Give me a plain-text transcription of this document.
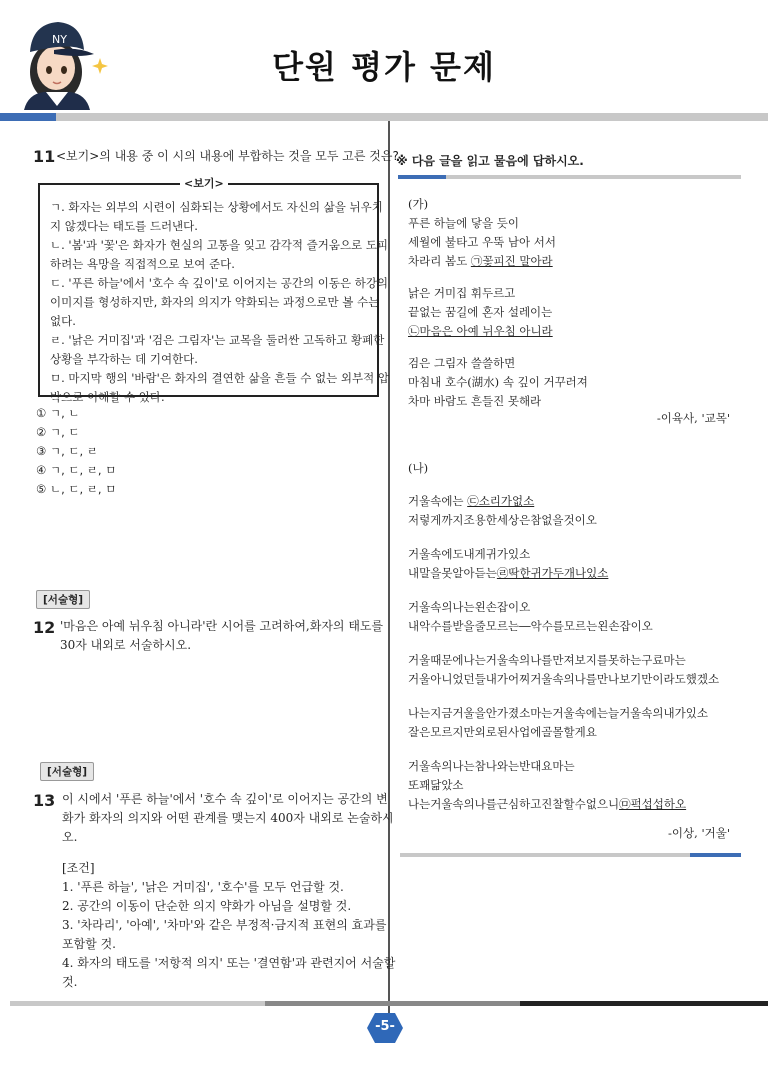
NY
단원 평가 문제
11 <보기>의 내용 중 이 시의 내용에 부합하는 것을 모두 고른 것은?
<보기>
ㄱ. 화자는 외부의 시련이 심화되는 상황에서도 자신의 삶을 뉘우치
지 않겠다는 태도를 드러낸다.
ㄴ. '봄'과 '꽃'은 화자가 현실의 고통을 잊고 감각적 즐거움으로 도피
하려는 욕망을 직접적으로 보여 준다.
ㄷ. '푸른 하늘'에서 '호수 속 깊이'로 이어지는 공간의 이동은 하강의
이미지를 형성하지만, 화자의 의지가 약화되는 과정으로만 볼 수는
없다.
ㄹ. '낡은 거미집'과 '검은 그림자'는 교목을 둘러싼 고독하고 황폐한
상황을 부각하는 데 기여한다.
ㅁ. 마지막 행의 '바람'은 화자의 결연한 삶을 흔들 수 없는 외부적 압
박으로 이해할 수 있다.
① ㄱ, ㄴ
② ㄱ, ㄷ
③ ㄱ, ㄷ, ㄹ
④ ㄱ, ㄷ, ㄹ, ㅁ
⑤ ㄴ, ㄷ, ㄹ, ㅁ
[서술형]
12 '마음은 아예 뉘우침 아니라'란 시어를 고려하여,화자의 태도를
30자 내외로 서술하시오.
[서술형]
13 이 시에서 '푸른 하늘'에서 '호수 속 깊이'로 이어지는 공간의 변
화가 화자의 의지와 어떤 관계를 맺는지 400자 내외로 논술하시
오.
[조건]
1. '푸른 하늘', '낡은 거미집', '호수'를 모두 언급할 것.
2. 공간의 이동이 단순한 의지 약화가 아님을 설명할 것.
3. '차라리', '아예', '차마'와 같은 부정적·금지적 표현의 효과를
포함할 것.
4. 화자의 태도를 '저항적 의지' 또는 '결연함'과 관련지어 서술할
것.
※ 다음 글을 읽고 물음에 답하시오.
(가)
푸른 하늘에 닿을 듯이
세월에 불타고 우뚝 남아 서서
차라리 봄도 ㉠꽃피진 말아라
낡은 거미집 휘두르고
끝없는 꿈길에 혼자 설레이는
㉡마음은 아예 뉘우침 아니라
검은 그림자 쓸쓸하면
마침내 호수(湖水) 속 깊이 거꾸러져
차마 바람도 흔들진 못해라
-이육사, '교목'
(나)
거울속에는 ㉢소리가없소
저렇게까지조용한세상은참없을것이오
거울속에도내게귀가있소
내말을못알아듣는㉣딱한귀가두개나있소
거울속의나는왼손잡이오
내악수를받을줄모르는―악수를모르는왼손잡이오
거울때문에나는거울속의나를만져보지를못하는구료마는
거울아니었던들내가어찌거울속의나를만나보기만이라도했겠소
나는지금거울을안가졌소마는거울속에는늘거울속의내가있소
잘은모르지만외로된사업에골몰할게요
거울속의나는참나와는반대요마는
또꽤닮았소
나는거울속의나를근심하고진찰할수없으니㉤퍽섭섭하오
-이상, '거울'
-5-
